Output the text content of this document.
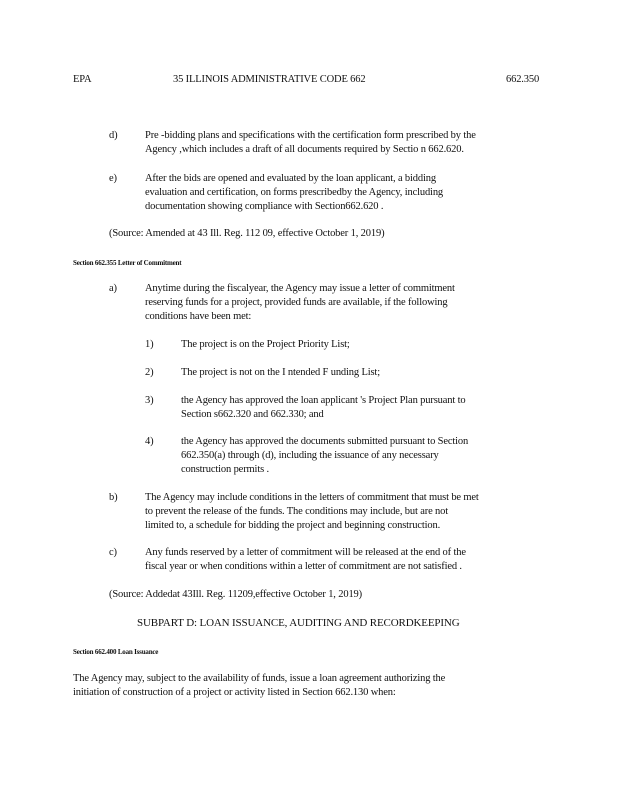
EPA	35 ILLINOIS ADMINISTRATIVE CODE 662	662.350
d)	Pre -bidding plans and specifications with the certification form prescribed by the
Agency ,which includes a draft of all documents required by Sectio n 662.620.
e)	After the bids are opened and evaluated by the loan applicant, a bidding
evaluation and certification, on forms prescribedby the Agency, including
documentation showing compliance with Section662.620 .
(Source: Amended at 43 Ill. Reg. 112 09, effective October 1, 2019)
Section 662.355 Letter of Commitment
a)	Anytime during the fiscalyear, the Agency may issue a letter of commitment
reserving funds for a project, provided funds are available, if the following
conditions have been met:
1)	The project is on the Project Priority List;
2)	The project is not on the I ntended F unding List;
3)	the Agency has approved the loan applicant 's Project Plan pursuant to
Section s662.320 and 662.330; and
4)	the Agency has approved the documents submitted pursuant to Section
662.350(a) through (d), including the issuance of any necessary
construction permits .
b)	The Agency may include conditions in the letters of commitment that must be met
to prevent the release of the funds. The conditions may include, but are not
limited to, a schedule for bidding the project and beginning construction.
c)	Any funds reserved by a letter of commitment will be released at the end of the
fiscal year or when conditions within a letter of commitment are not satisfied .
(Source: Addedat 43Ill. Reg. 11209,effective October 1, 2019)
SUBPART D: LOAN ISSUANCE, AUDITING AND RECORDKEEPING
Section 662.400 Loan Issuance
The Agency may, subject to the availability of funds, issue a loan agreement authorizing the
initiation of construction of a project or activity listed in Section 662.130 when:
